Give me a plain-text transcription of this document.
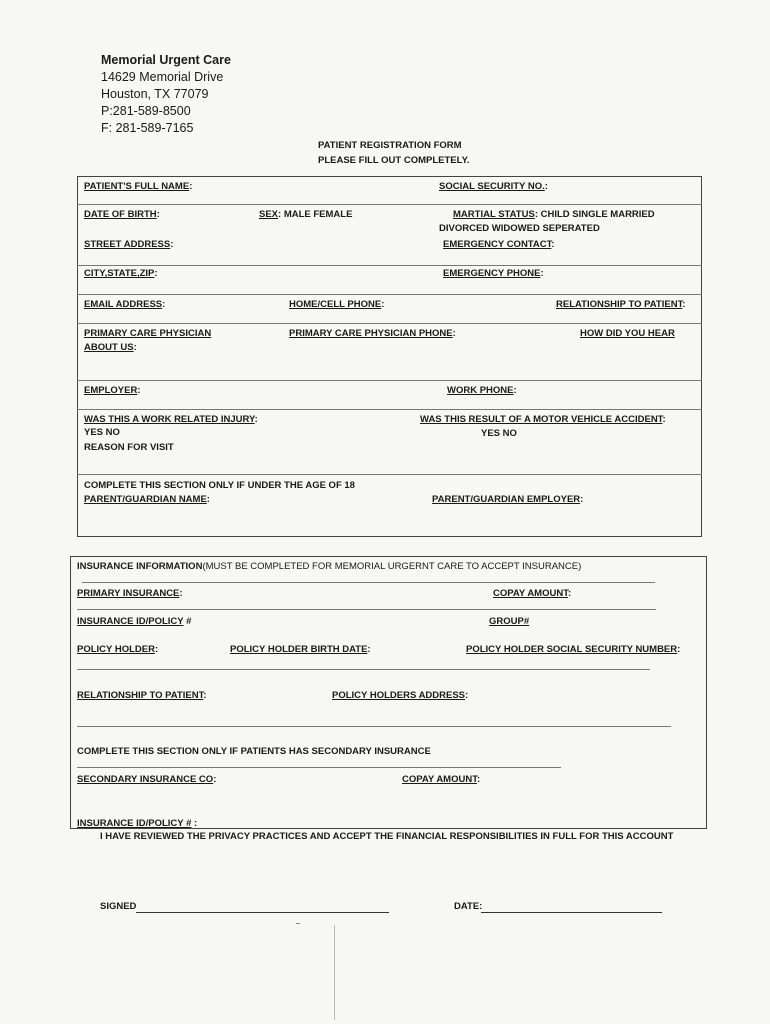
Memorial Urgent Care
14629 Memorial Drive
Houston, TX 77079
P:281-589-8500
F: 281-589-7165
PATIENT REGISTRATION FORM
PLEASE FILL OUT COMPLETELY.
PATIENT'S FULL NAME:	SOCIAL SECURITY NO.:
DATE OF BIRTH:	SEX: MALE FEMALE	MARTIAL STATUS: CHILD SINGLE MARRIED
DIVORCED WIDOWED SEPERATED
STREET ADDRESS:	EMERGENCY CONTACT:
CITY,STATE,ZIP:	EMERGENCY PHONE:
EMAIL ADDRESS:	HOME/CELL PHONE:	RELATIONSHIP TO PATIENT:
PRIMARY CARE PHYSICIAN	PRIMARY CARE PHYSICIAN PHONE:	HOW DID YOU HEAR
ABOUT US:
EMPLOYER:	WORK PHONE:
WAS THIS A WORK RELATED INJURY:
YES NO
REASON FOR VISIT
WAS THIS RESULT OF A MOTOR VEHICLE ACCIDENT:
YES NO
COMPLETE THIS SECTION ONLY IF UNDER THE AGE OF 18
PARENT/GUARDIAN NAME:	PARENT/GUARDIAN EMPLOYER:
INSURANCE INFORMATION(MUST BE COMPLETED FOR MEMORIAL URGERNT CARE TO ACCEPT INSURANCE)
PRIMARY INSURANCE:	COPAY AMOUNT:
INSURANCE ID/POLICY #	GROUP#
POLICY HOLDER:	POLICY HOLDER BIRTH DATE:	POLICY HOLDER SOCIAL SECURITY NUMBER:
RELATIONSHIP TO PATIENT:	POLICY HOLDERS ADDRESS:
COMPLETE THIS SECTION ONLY IF PATIENTS HAS SECONDARY INSURANCE
SECONDARY INSURANCE CO:	COPAY AMOUNT:
INSURANCE ID/POLICY # :
I HAVE REVIEWED THE PRIVACY PRACTICES AND ACCEPT THE FINANCIAL RESPONSIBILITIES IN FULL FOR THIS ACCOUNT
SIGNED	DATE:
